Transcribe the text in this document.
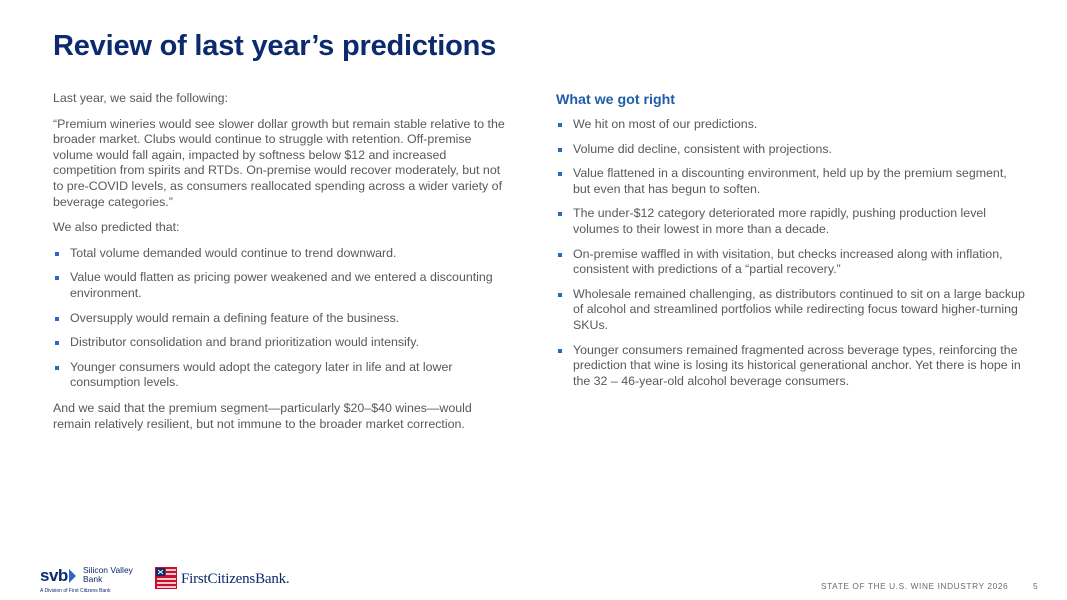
Review of last year’s predictions

Last year, we said the following:

“Premium wineries would see slower dollar growth but remain stable relative to the broader market. Clubs would continue to struggle with retention. Off-premise volume would fall again, impacted by softness below $12 and increased competition from spirits and RTDs. On-premise would recover moderately, but not to pre-COVID levels, as consumers reallocated spending across a wider variety of beverage categories.”

We also predicted that:

Total volume demanded would continue to trend downward.
Value would flatten as pricing power weakened and we entered a discounting environment.
Oversupply would remain a defining feature of the business.
Distributor consolidation and brand prioritization would intensify.
Younger consumers would adopt the category later in life and at lower consumption levels.

And we said that the premium segment—particularly $20–$40 wines—would remain relatively resilient, but not immune to the broader market correction.

What we got right
We hit on most of our predictions.
Volume did decline, consistent with projections.
Value flattened in a discounting environment, held up by the premium segment, but even that has begun to soften.
The under-$12 category deteriorated more rapidly, pushing production level volumes to their lowest in more than a decade.
On-premise waffled in with visitation, but checks increased along with inflation, consistent with predictions of a “partial recovery.”
Wholesale remained challenging, as distributors continued to sit on a large backup of alcohol and streamlined portfolios while redirecting focus toward higher-turning SKUs.
Younger consumers remained fragmented across beverage types, reinforcing the prediction that wine is losing its historical generational anchor. Yet there is hope in the 32 – 46-year-old alcohol beverage consumers.
svb Silicon Valley
Bank
A Division of First Citizens Bank
FirstCitizensBank.	STATE OF THE U.S. WINE INDUSTRY 2026	5
